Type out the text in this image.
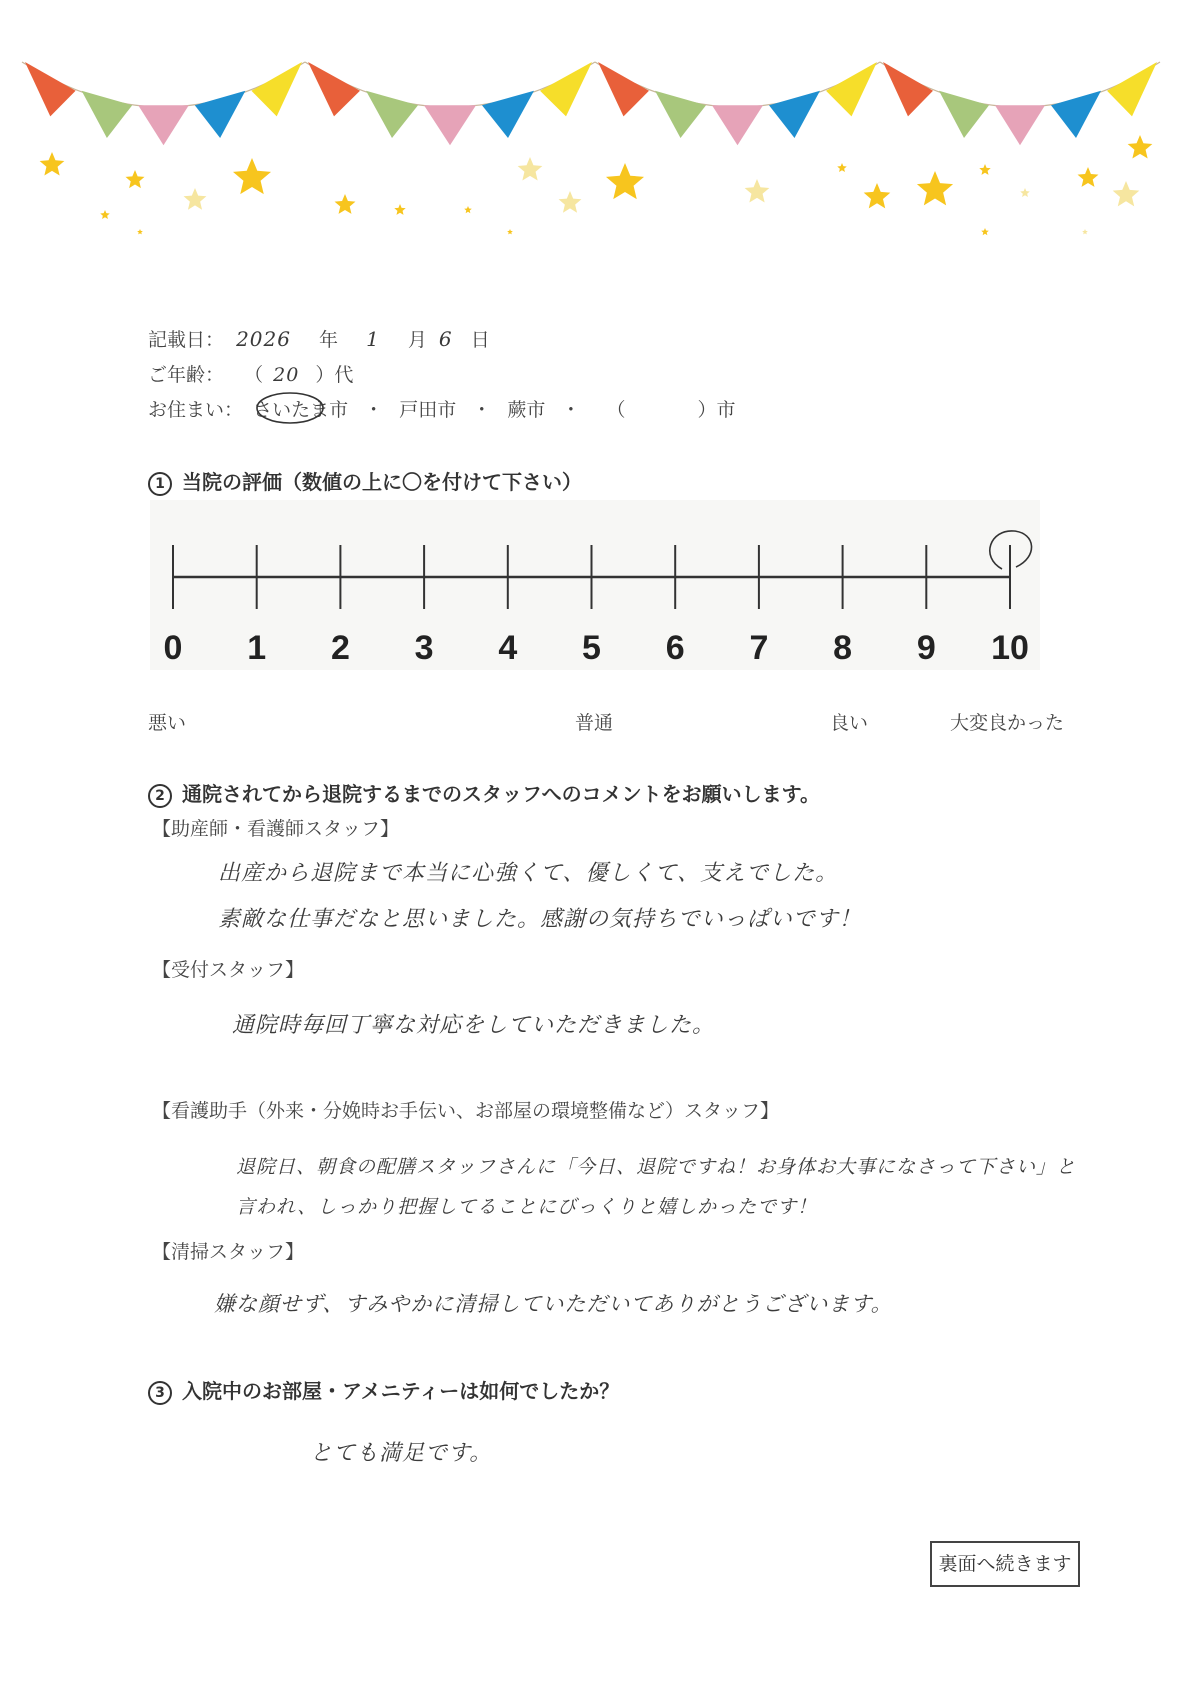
記載日： 2026 年 1 月 6 日
ご年齢： （ 20 ）代
お住まい： さいたま市 ・ 戸田市 ・ 蕨市 ・ （	）市
1 当院の評価（数値の上に〇を付けて下さい）
0 1 2 3 4 5 6 7 8 9 10
悪い	普通	良い	大変良かった
2 通院されてから退院するまでのスタッフへのコメントをお願いします。
【助産師・看護師スタッフ】
出産から退院まで本当に心強くて、優しくて、支えでした。
素敵な仕事だなと思いました。感謝の気持ちでいっぱいです！
【受付スタッフ】
通院時毎回丁寧な対応をしていただきました。
【看護助手（外来・分娩時お手伝い、お部屋の環境整備など）スタッフ】
退院日、朝食の配膳スタッフさんに「今日、退院ですね！お身体お大事になさって下さい」と
言われ、しっかり把握してることにびっくりと嬉しかったです！
【清掃スタッフ】
嫌な顔せず、すみやかに清掃していただいてありがとうございます。
3 入院中のお部屋・アメニティーは如何でしたか？
とても満足です。
裏面へ続きます
